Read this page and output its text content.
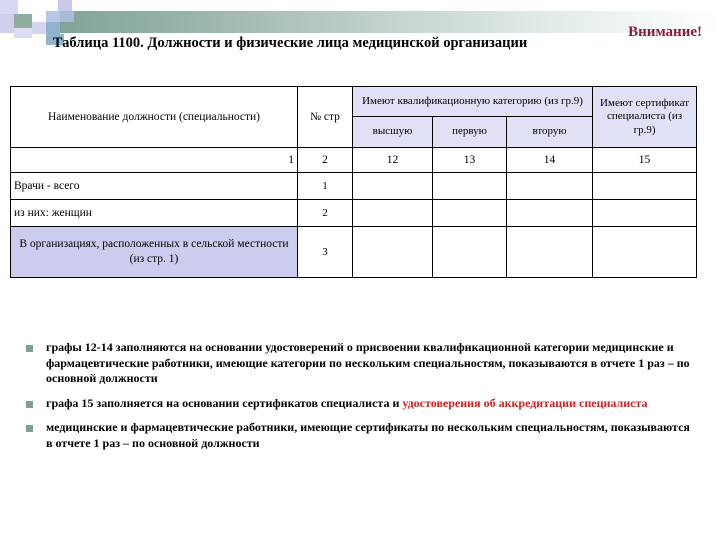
Таблица 1100. Должности и физические лица медицинской организации
Внимание!
Наименование должности (специальности)	№ стр	Имеют квалификационную категорию (из гр.9)			Имеют сертификат специалиста (из гр.9)
		высшую	первую	вторую	
1	2	12	13	14	15
Врачи - всего	1				
из них: женщин	2				
В организациях, расположенных в сельской местности (из стр. 1)	3				
графы 12-14 заполняются на основании удостоверений о присвоении квалификационной категории медицинские и фармацевтические работники, имеющие категории по нескольким специальностям, показываются в отчете 1 раз – по основной должности
графа 15 заполняется на основании сертификатов специалиста и удостоверения об аккредитации специалиста
медицинские и фармацевтические работники, имеющие сертификаты по нескольким специальностям, показываются в отчете 1 раз – по основной должности
